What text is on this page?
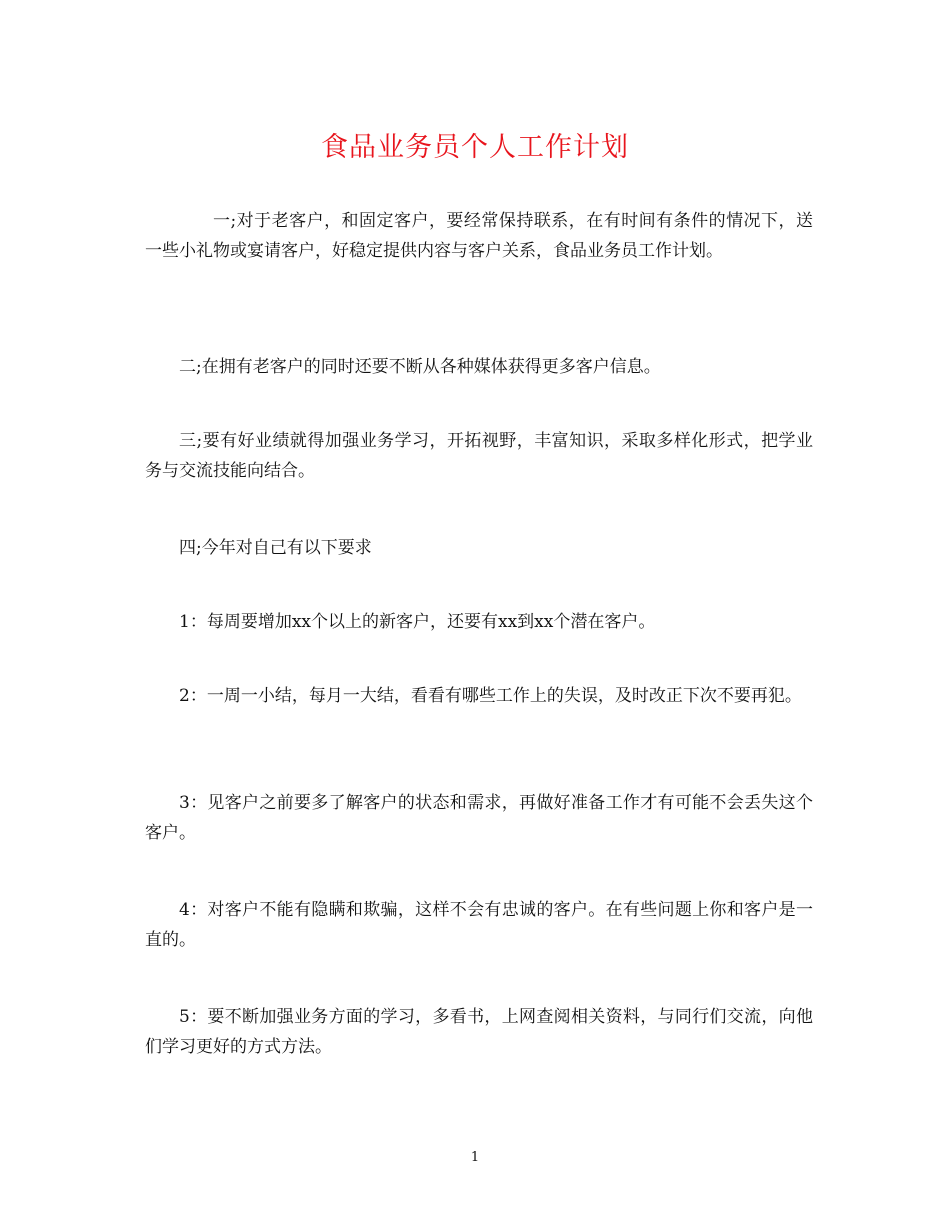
食品业务员个人工作计划

一;对于老客户，和固定客户，要经常保持联系，在有时间有条件的情况下，送一些小礼物或宴请客户，好稳定提供内容与客户关系，食品业务员工作计划。

二;在拥有老客户的同时还要不断从各种媒体获得更多客户信息。

三;要有好业绩就得加强业务学习，开拓视野，丰富知识，采取多样化形式，把学业务与交流技能向结合。

四;今年对自己有以下要求

1：每周要增加xx个以上的新客户，还要有xx到xx个潜在客户。

2：一周一小结，每月一大结，看看有哪些工作上的失误，及时改正下次不要再犯。

3：见客户之前要多了解客户的状态和需求，再做好准备工作才有可能不会丢失这个客户。

4：对客户不能有隐瞒和欺骗，这样不会有忠诚的客户。在有些问题上你和客户是一直的。

5：要不断加强业务方面的学习，多看书，上网查阅相关资料，与同行们交流，向他们学习更好的方式方法。

1
